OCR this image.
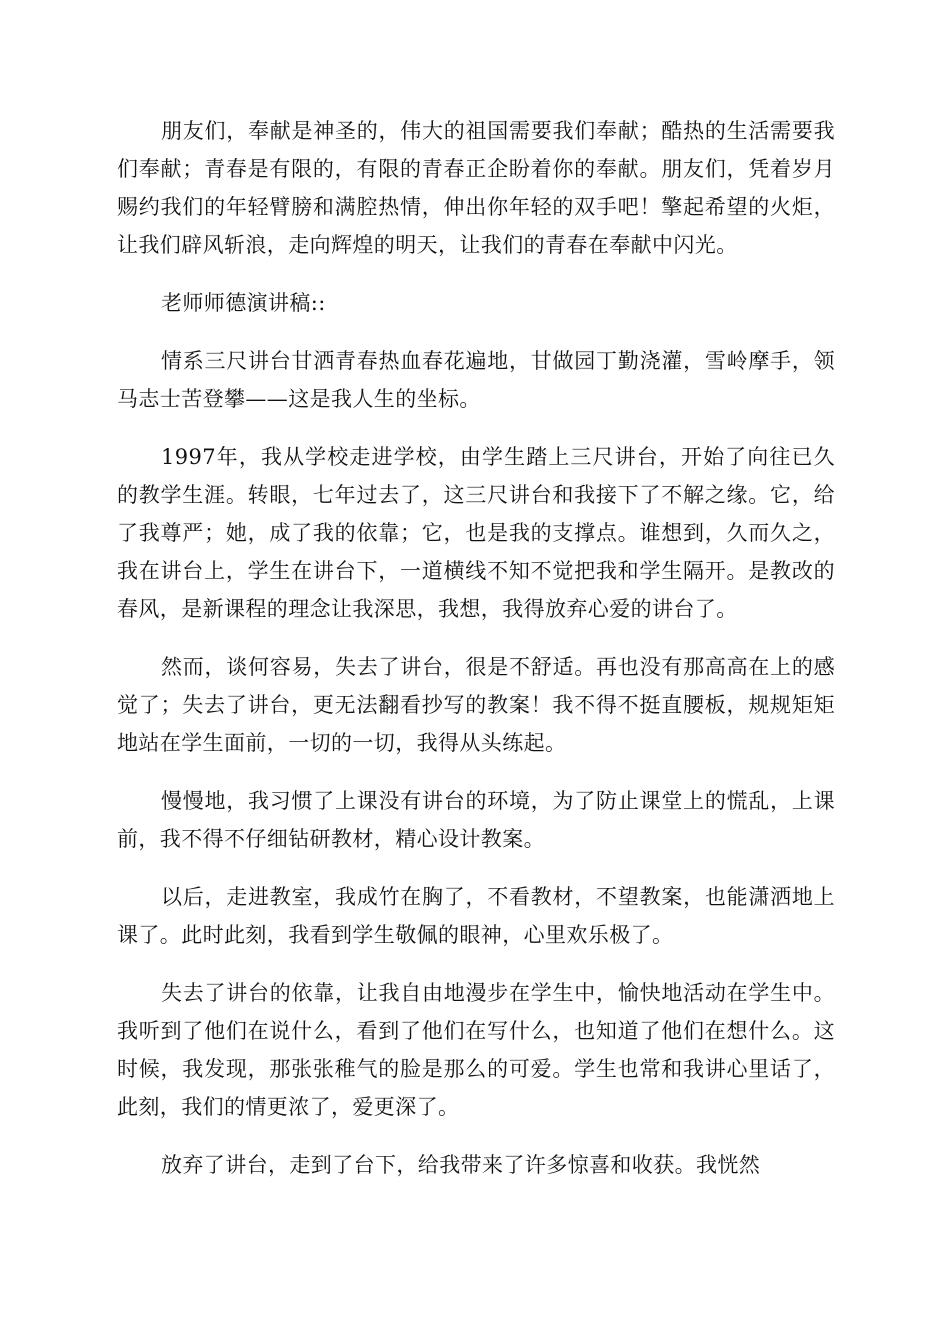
朋友们，奉献是神圣的，伟大的祖国需要我们奉献；酷热的生活需要我们奉献；青春是有限的，有限的青春正企盼着你的奉献。朋友们，凭着岁月赐约我们的年轻臂膀和满腔热情，伸出你年轻的双手吧！擎起希望的火炬，让我们辟风斩浪，走向辉煌的明天，让我们的青春在奉献中闪光。

老师师德演讲稿::

情系三尺讲台甘洒青春热血春花遍地，甘做园丁勤浇灌，雪岭摩手，领马志士苦登攀——这是我人生的坐标。

1997年，我从学校走进学校，由学生踏上三尺讲台，开始了向往已久的教学生涯。转眼，七年过去了，这三尺讲台和我接下了不解之缘。它，给了我尊严；她，成了我的依靠；它，也是我的支撑点。谁想到，久而久之，我在讲台上，学生在讲台下，一道横线不知不觉把我和学生隔开。是教改的春风，是新课程的理念让我深思，我想，我得放弃心爱的讲台了。

然而，谈何容易，失去了讲台，很是不舒适。再也没有那高高在上的感觉了；失去了讲台，更无法翻看抄写的教案！我不得不挺直腰板，规规矩矩地站在学生面前，一切的一切，我得从头练起。

慢慢地，我习惯了上课没有讲台的环境，为了防止课堂上的慌乱，上课前，我不得不仔细钻研教材，精心设计教案。

以后，走进教室，我成竹在胸了，不看教材，不望教案，也能潇洒地上课了。此时此刻，我看到学生敬佩的眼神，心里欢乐极了。

失去了讲台的依靠，让我自由地漫步在学生中，愉快地活动在学生中。我听到了他们在说什么，看到了他们在写什么，也知道了他们在想什么。这时候，我发现，那张张稚气的脸是那么的可爱。学生也常和我讲心里话了，此刻，我们的情更浓了，爱更深了。

放弃了讲台，走到了台下，给我带来了许多惊喜和收获。我恍然
